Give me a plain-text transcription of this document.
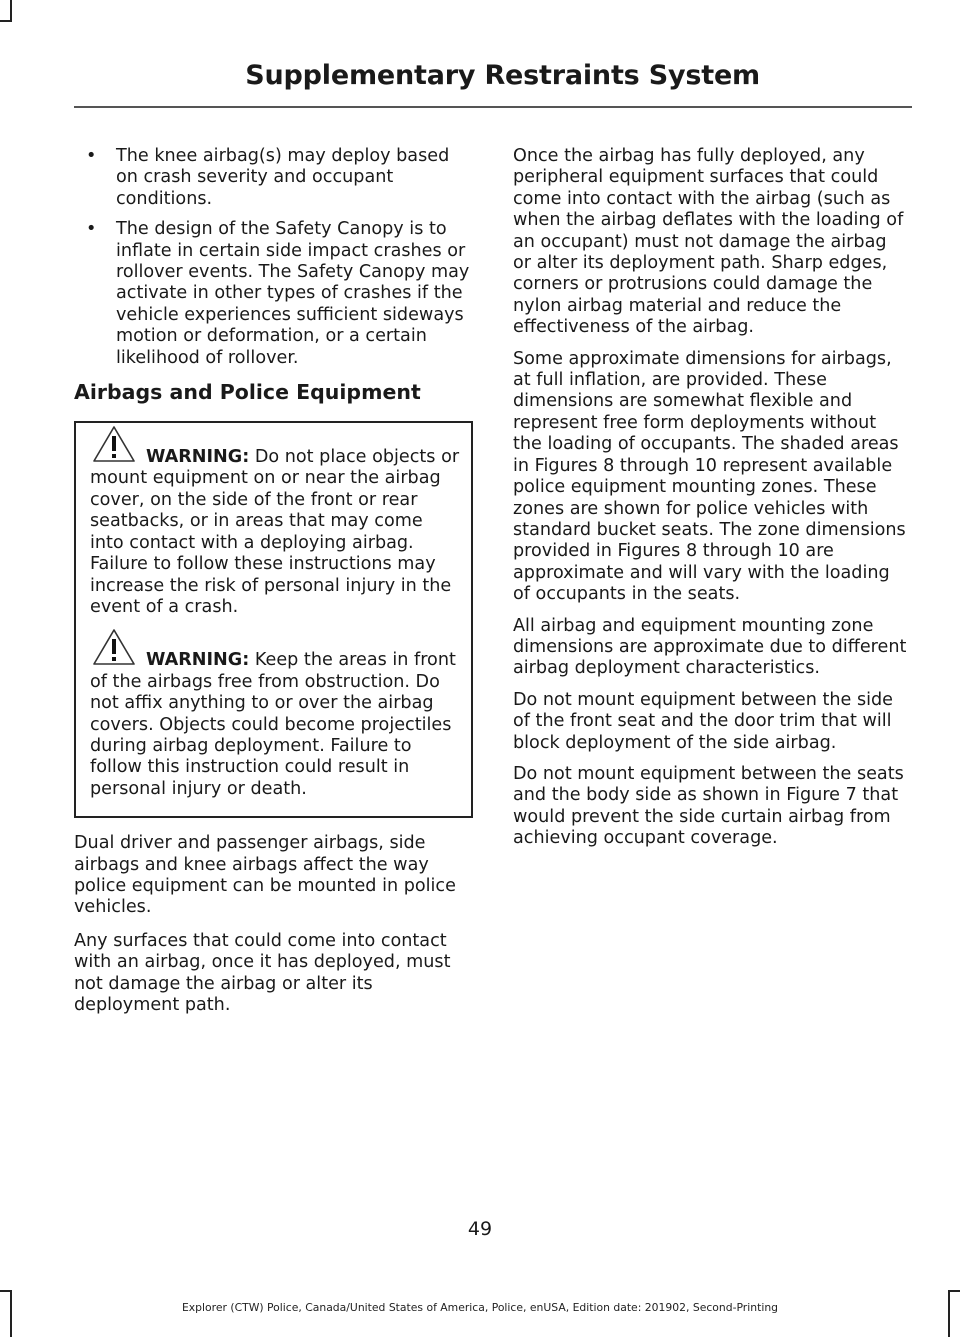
Supplementary Restraints System
• The knee airbag(s) may deploy based on crash severity and occupant conditions.
• The design of the Safety Canopy is to inflate in certain side impact crashes or rollover events. The Safety Canopy may activate in other types of crashes if the vehicle experiences sufficient sideways motion or deformation, or a certain likelihood of rollover.
Airbags and Police Equipment

WARNING: Do not place objects or mount equipment on or near the airbag cover, on the side of the front or rear seatbacks, or in areas that may come into contact with a deploying airbag. Failure to follow these instructions may increase the risk of personal injury in the event of a crash.

WARNING: Keep the areas in front of the airbags free from obstruction. Do not affix anything to or over the airbag covers. Objects could become projectiles during airbag deployment. Failure to follow this instruction could result in personal injury or death.

Dual driver and passenger airbags, side airbags and knee airbags affect the way police equipment can be mounted in police vehicles.

Any surfaces that could come into contact with an airbag, once it has deployed, must not damage the airbag or alter its deployment path.

Once the airbag has fully deployed, any peripheral equipment surfaces that could come into contact with the airbag (such as when the airbag deflates with the loading of an occupant) must not damage the airbag or alter its deployment path. Sharp edges, corners or protrusions could damage the nylon airbag material and reduce the effectiveness of the airbag.

Some approximate dimensions for airbags, at full inflation, are provided. These dimensions are somewhat flexible and represent free form deployments without the loading of occupants. The shaded areas in Figures 8 through 10 represent available police equipment mounting zones. These zones are shown for police vehicles with standard bucket seats. The zone dimensions provided in Figures 8 through 10 are approximate and will vary with the loading of occupants in the seats.

All airbag and equipment mounting zone dimensions are approximate due to different airbag deployment characteristics.

Do not mount equipment between the side of the front seat and the door trim that will block deployment of the side airbag.

Do not mount equipment between the seats and the body side as shown in Figure 7 that would prevent the side curtain airbag from achieving occupant coverage.

49
Explorer (CTW) Police, Canada/United States of America, Police, enUSA, Edition date: 201902, Second-Printing
